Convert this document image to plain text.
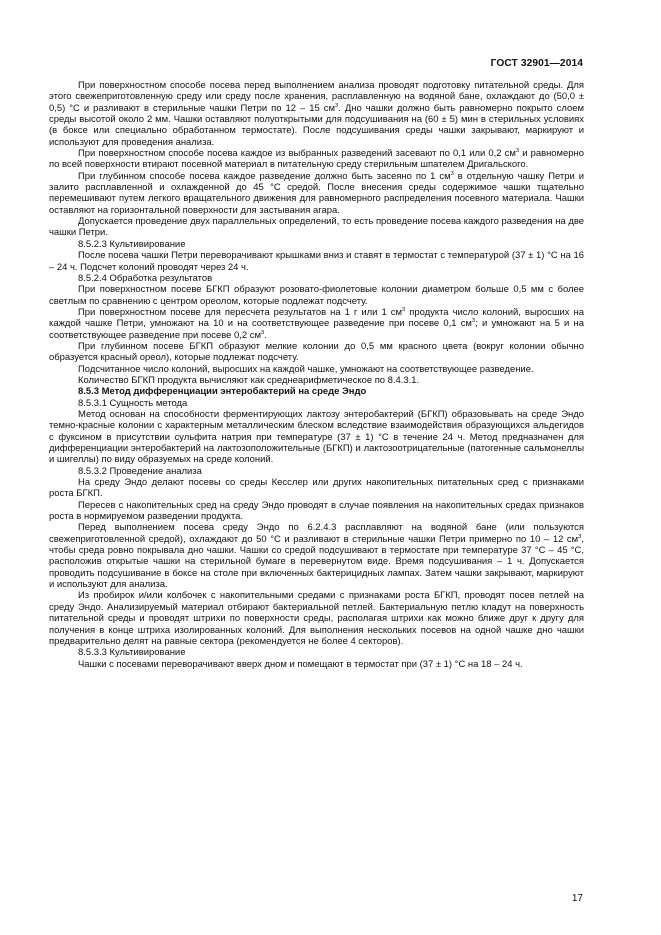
ГОСТ 32901—2014

При поверхностном способе посева перед выполнением анализа проводят подготовку питательной среды. Для этого свежеприготовленную среду или среду после хранения, расплавленную на водяной бане, охлаждают до (50,0 ± 0,5) °С и разливают в стерильные чашки Петри по 12 – 15 $см^3$. Дно чашки должно быть равномерно покрыто слоем среды высотой около 2 мм. Чашки оставляют полуоткрытыми для подсушивания на (60 ± 5) мин в стерильных условиях (в боксе или специально обработанном термостате). После подсушивания среды чашки закрывают, маркируют и используют для проведения анализа.

При поверхностном способе посева каждое из выбранных разведений засевают по 0,1 или 0,2 $см^3$ и равномерно по всей поверхности втирают посевной материал в питательную среду стерильным шпателем Дригальского.

При глубинном способе посева каждое разведение должно быть засеяно по 1 $см^3$ в отдельную чашку Петри и залито расплавленной и охлажденной до 45 °С средой. После внесения среды содержимое чашки тщательно перемешивают путем легкого вращательного движения для равномерного распределения посевного материала. Чашки оставляют на горизонтальной поверхности для застывания агара.

Допускается проведение двух параллельных определений, то есть проведение посева каждого разведения на две чашки Петри.

8.5.2.3 Культивирование

После посева чашки Петри переворачивают крышками вниз и ставят в термостат с температурой (37 ± 1) °С на 16 – 24 ч. Подсчет колоний проводят через 24 ч.

8.5.2.4 Обработка результатов

При поверхностном посеве БГКП образуют розовато-фиолетовые колонии диаметром больше 0,5 мм с более светлым по сравнению с центром ореолом, которые подлежат подсчету.

При поверхностном посеве для пересчета результатов на 1 г или 1 $см^3$ продукта число колоний, выросших на каждой чашке Петри, умножают на 10 и на соответствующее разведение при посеве 0,1 $см^3$; и умножают на 5 и на соответствующее разведение при посеве 0,2 $см^3$.

При глубинном посеве БГКП образуют мелкие колонии до 0,5 мм красного цвета (вокруг колонии обычно образуется красный ореол), которые подлежат подсчету.

Подсчитанное число колоний, выросших на каждой чашке, умножают на соответствующее разведение.

Количество БГКП продукта вычисляют как среднеарифметическое по 8.4.3.1.

8.5.3 Метод дифференциации энтеробактерий на среде Эндо

8.5.3.1 Сущность метода

Метод основан на способности ферментирующих лактозу энтеробактерий (БГКП) образовывать на среде Эндо темно-красные колонии с характерным металлическим блеском вследствие взаимодействия образующихся альдегидов с фуксином в присутствии сульфита натрия при температуре (37 ± 1) °С в течение 24 ч. Метод предназначен для дифференциации энтеробактерий на лактозоположительные (БГКП) и лактозоотрицательные (патогенные сальмонеллы и шигеллы) по виду образуемых на среде колоний.

8.5.3.2 Проведение анализа

На среду Эндо делают посевы со среды Кесслер или других накопительных питательных сред с признаками роста БГКП.

Пересев с накопительных сред на среду Эндо проводят в случае появления на накопительных средах признаков роста в нормируемом разведении продукта.

Перед выполнением посева среду Эндо по 6.2.4.3 расплавляют на водяной бане (или пользуются свежеприготовленной средой), охлаждают до 50 °С и разливают в стерильные чашки Петри примерно по 10 – 12 $см^3$, чтобы среда ровно покрывала дно чашки. Чашки со средой подсушивают в термостате при температуре 37 °С – 45 °С, расположив открытые чашки на стерильной бумаге в перевернутом виде. Время подсушивания – 1 ч. Допускается проводить подсушивание в боксе на столе при включенных бактерицидных лампах. Затем чашки закрывают, маркируют и используют для анализа.

Из пробирок и/или колбочек с накопительными средами с признаками роста БГКП, проводят посев петлей на среду Эндо. Анализируемый материал отбирают бактериальной петлей. Бактериальную петлю кладут на поверхность питательной среды и проводят штрихи по поверхности среды, располагая штрихи как можно ближе друг к другу для получения в конце штриха изолированных колоний. Для выполнения нескольких посевов на одной чашке дно чашки предварительно делят на равные сектора (рекомендуется не более 4 секторов).

8.5.3.3 Культивирование

Чашки с посевами переворачивают вверх дном и помещают в термостат при (37 ± 1) °С на 18 – 24 ч.

17
